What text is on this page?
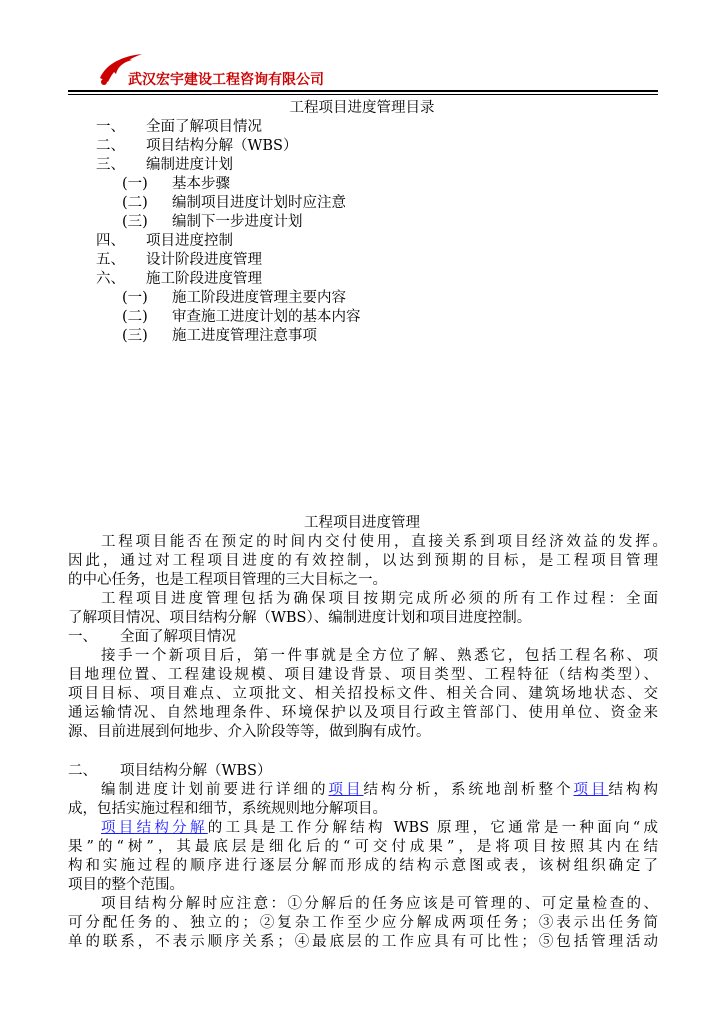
武汉宏宇建设工程咨询有限公司
工程项目进度管理目录
一、 全面了解项目情况
二、 项目结构分解（WBS）
三、 编制进度计划
(一) 基本步骤
(二) 编制项目进度计划时应注意
(三) 编制下一步进度计划
四、 项目进度控制
五、 设计阶段进度管理
六、 施工阶段进度管理
(一) 施工阶段进度管理主要内容
(二) 审查施工进度计划的基本内容
(三) 施工进度管理注意事项
工程项目进度管理
工程项目能否在预定的时间内交付使用，直接关系到项目经济效益的发挥。
因此，通过对工程项目进度的有效控制，以达到预期的目标，是工程项目管理
的中心任务，也是工程项目管理的三大目标之一。
工程项目进度管理包括为确保项目按期完成所必须的所有工作过程：全面
了解项目情况、项目结构分解（WBS）、编制进度计划和项目进度控制。
一、 全面了解项目情况
接手一个新项目后，第一件事就是全方位了解、熟悉它，包括工程名称、项
目地理位置、工程建设规模、项目建设背景、项目类型、工程特征（结构类型）、
项目目标、项目难点、立项批文、相关招投标文件、相关合同、建筑场地状态、交
通运输情况、自然地理条件、环境保护以及项目行政主管部门、使用单位、资金来
源、目前进展到何地步、介入阶段等等，做到胸有成竹。
二、 项目结构分解（WBS）
编制进度计划前要进行详细的项目结构分析，系统地剖析整个项目结构构
成，包括实施过程和细节，系统规则地分解项目。
项目结构分解的工具是工作分解结构 WBS 原理，它通常是一种面向“成
果”的“树”，其最底层是细化后的“可交付成果”，是将项目按照其内在结
构和实施过程的顺序进行逐层分解而形成的结构示意图或表，该树组织确定了
项目的整个范围。
项目结构分解时应注意：①分解后的任务应该是可管理的、可定量检查的、
可分配任务的、独立的；②复杂工作至少应分解成两项任务；③表示出任务简
单的联系，不表示顺序关系；④最底层的工作应具有可比性；⑤包括管理活动
